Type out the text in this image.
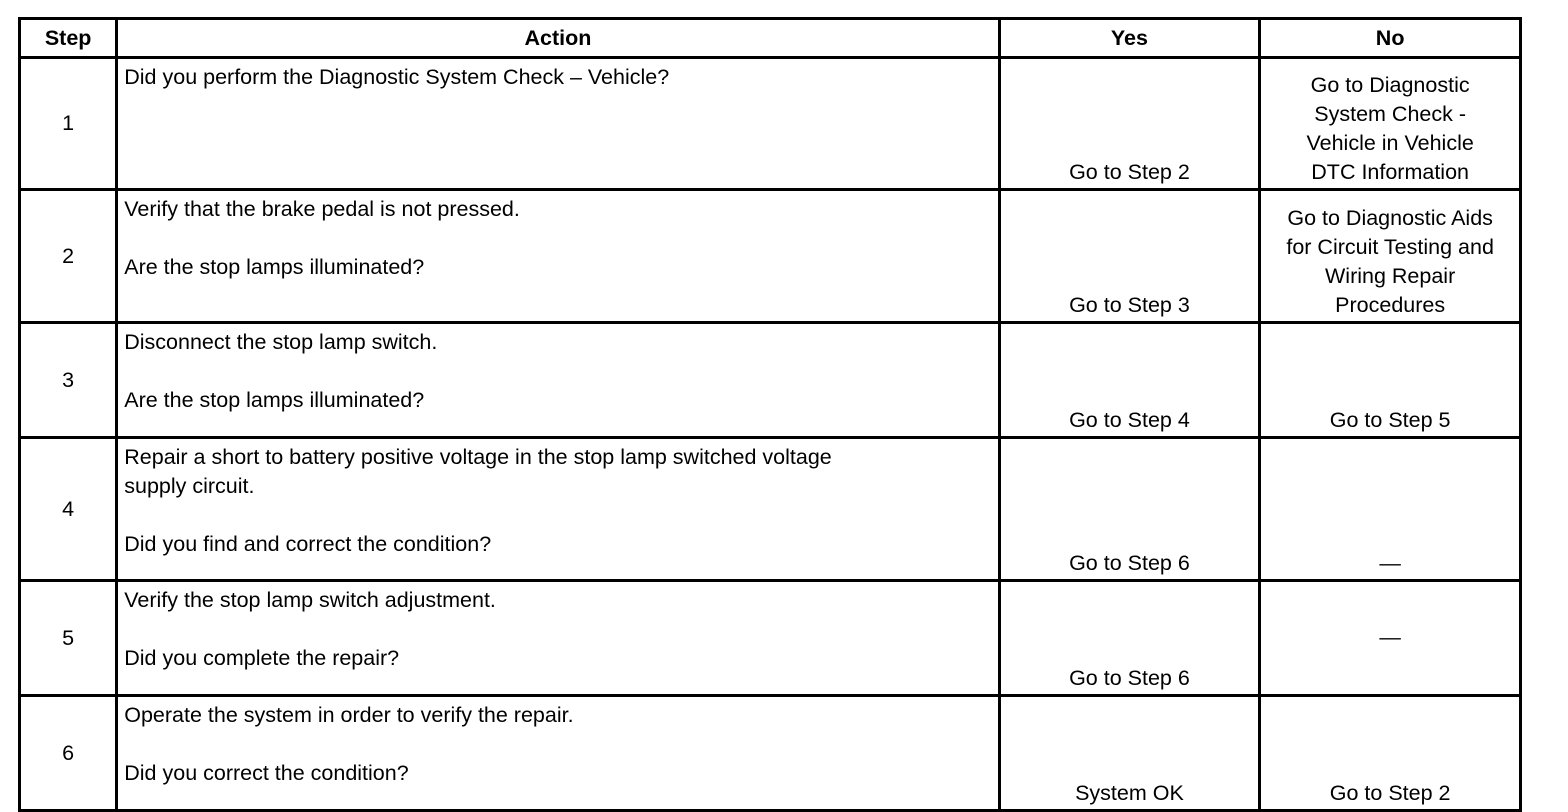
Step	Action	Yes	No
1	Did you perform the Diagnostic System Check – Vehicle?	Go to Step 2	Go to Diagnostic
System Check -
Vehicle in Vehicle
DTC Information

2	Verify that the brake pedal is not pressed.
Are the stop lamps illuminated?	Go to Step 3	Go to Diagnostic Aids
for Circuit Testing and
Wiring Repair
Procedures

3	Disconnect the stop lamp switch.
Are the stop lamps illuminated?	Go to Step 4	Go to Step 5

4	Repair a short to battery positive voltage in the stop lamp switched voltage
supply circuit.
Did you find and correct the condition?	Go to Step 6	—

5	Verify the stop lamp switch adjustment.
Did you complete the repair?	Go to Step 6	—

6	Operate the system in order to verify the repair.
Did you correct the condition?	System OK	Go to Step 2
